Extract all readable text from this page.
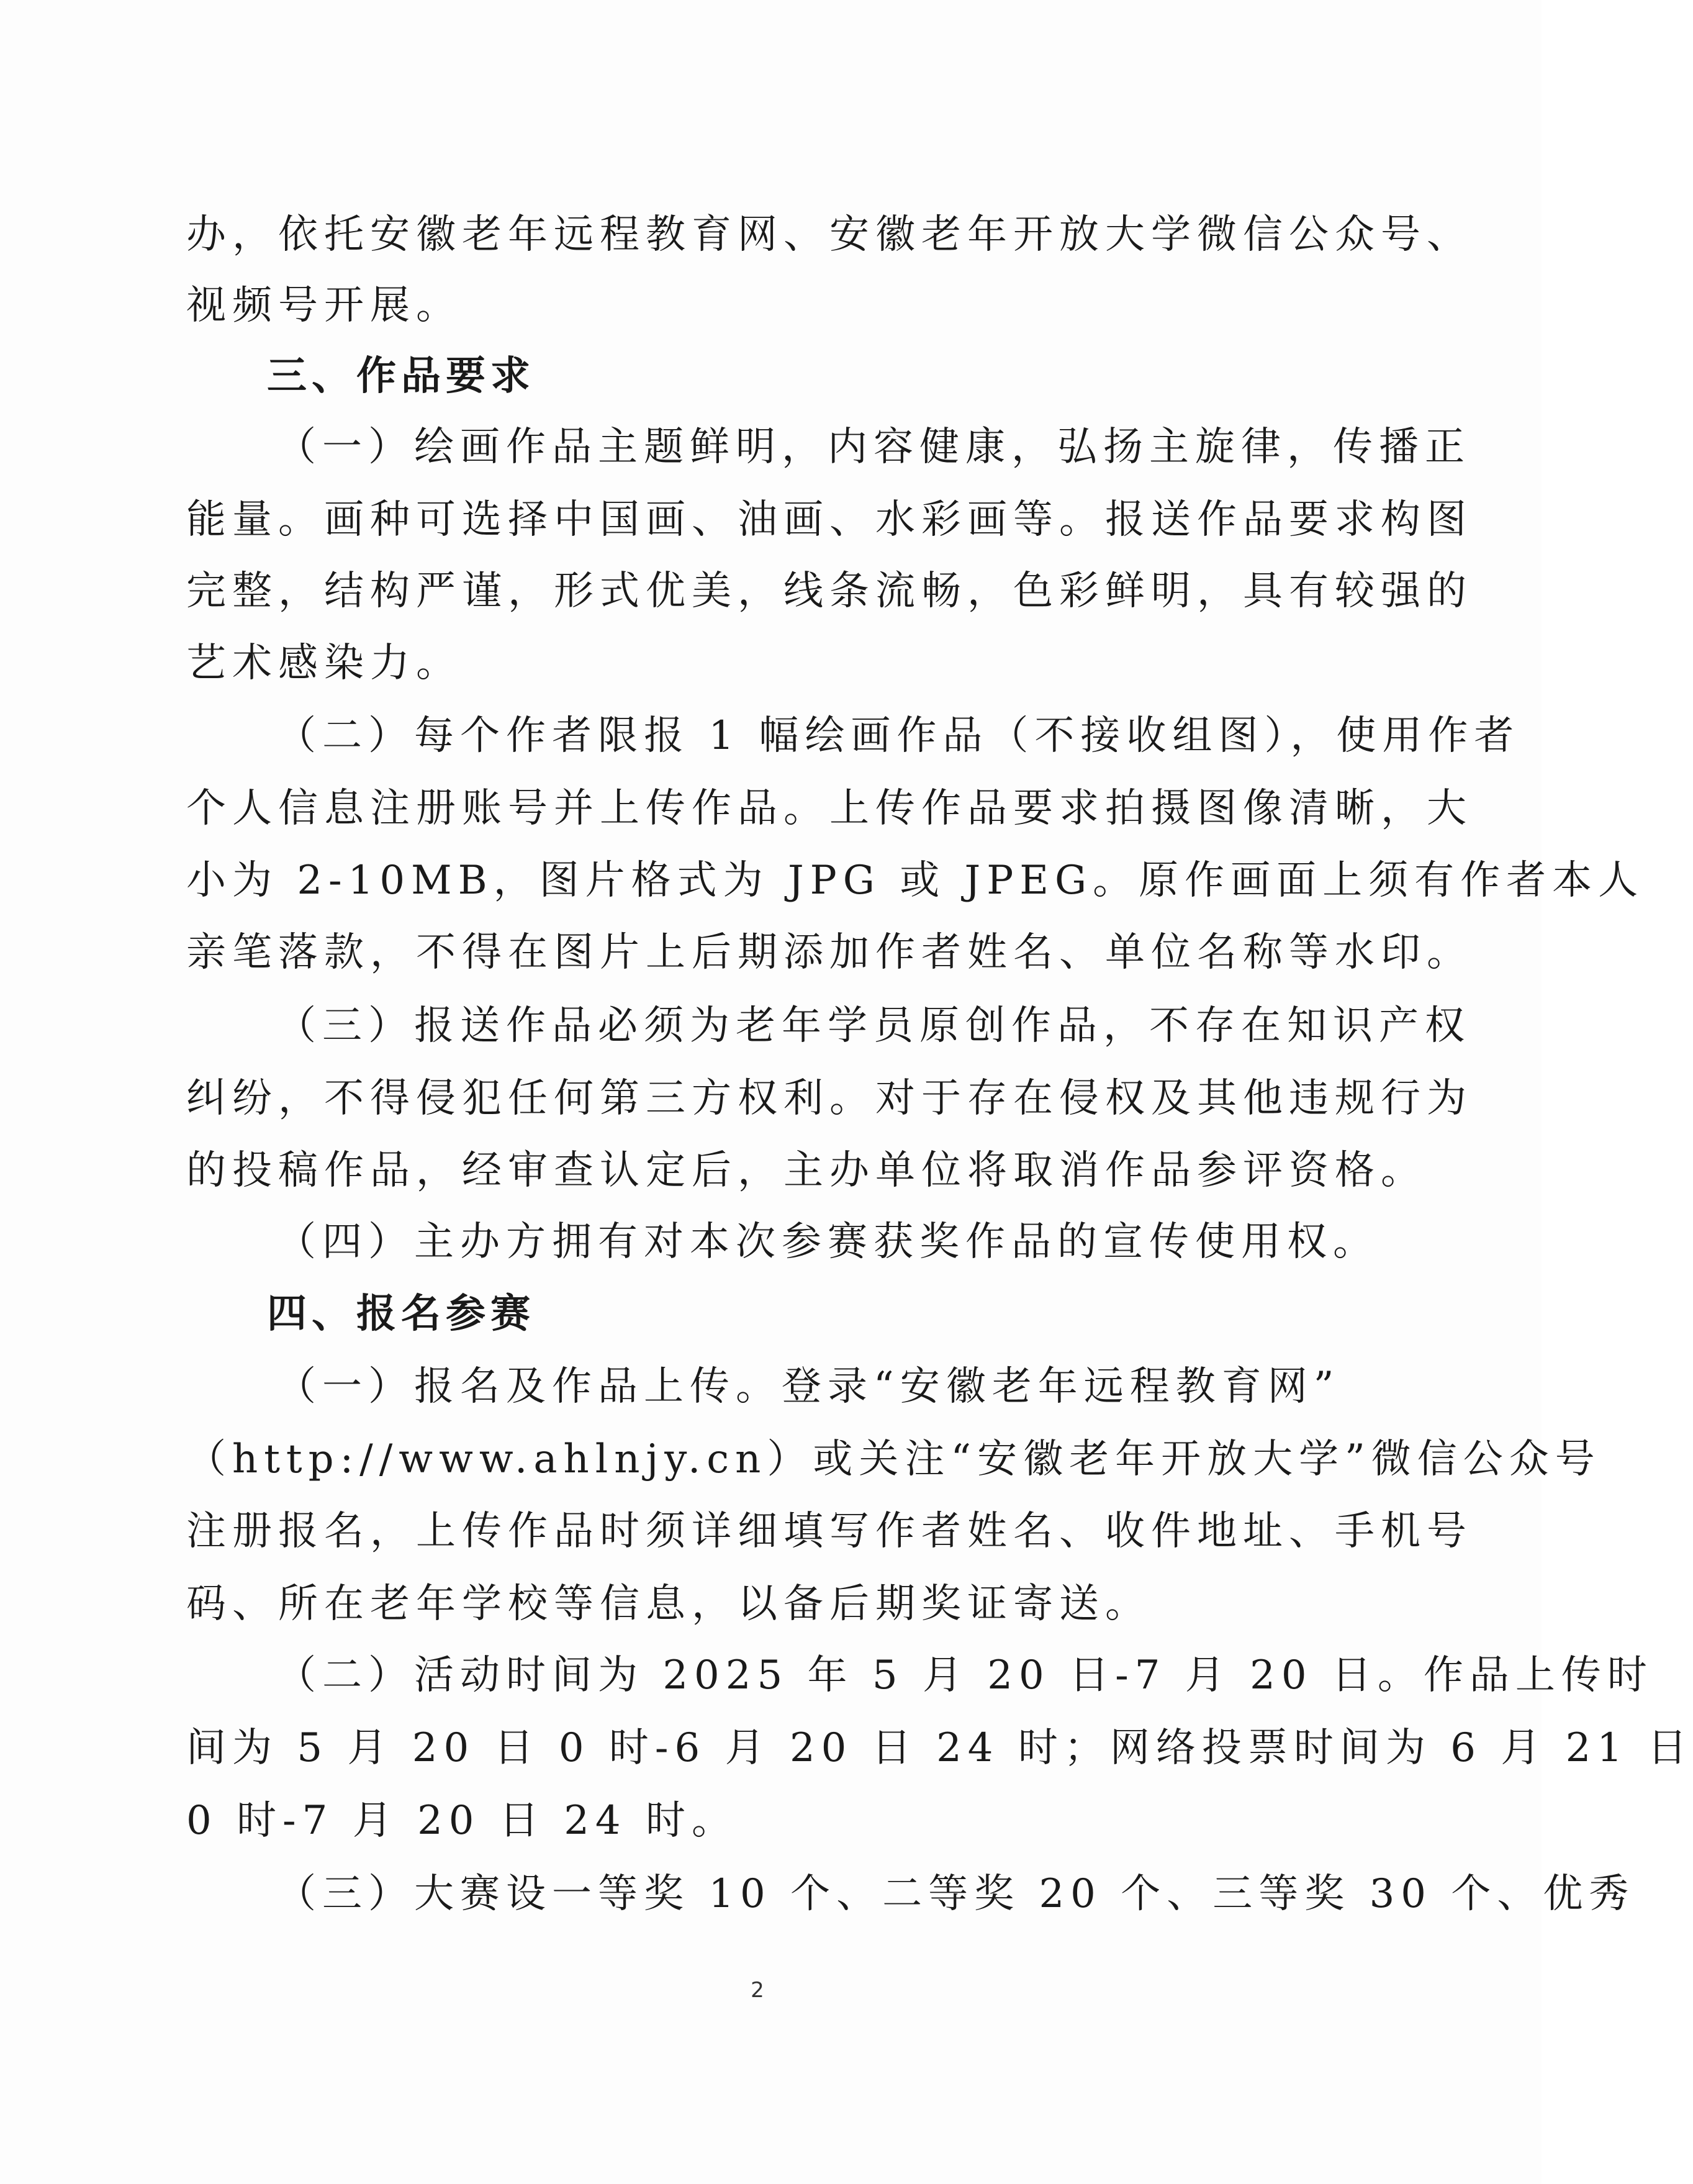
办，依托安徽老年远程教育网、安徽老年开放大学微信公众号、
视频号开展。
三、作品要求
（一）绘画作品主题鲜明，内容健康，弘扬主旋律，传播正
能量。画种可选择中国画、油画、水彩画等。报送作品要求构图
完整，结构严谨，形式优美，线条流畅，色彩鲜明，具有较强的
艺术感染力。
（二）每个作者限报 1 幅绘画作品（不接收组图），使用作者
个人信息注册账号并上传作品。上传作品要求拍摄图像清晰，大
小为 2-10MB，图片格式为 JPG 或 JPEG。原作画面上须有作者本人
亲笔落款，不得在图片上后期添加作者姓名、单位名称等水印。
（三）报送作品必须为老年学员原创作品，不存在知识产权
纠纷，不得侵犯任何第三方权利。对于存在侵权及其他违规行为
的投稿作品，经审查认定后，主办单位将取消作品参评资格。
（四）主办方拥有对本次参赛获奖作品的宣传使用权。
四、报名参赛
（一）报名及作品上传。登录“安徽老年远程教育网”
（http://www.ahlnjy.cn）或关注“安徽老年开放大学”微信公众号
注册报名，上传作品时须详细填写作者姓名、收件地址、手机号
码、所在老年学校等信息，以备后期奖证寄送。
（二）活动时间为 2025 年 5 月 20 日-7 月 20 日。作品上传时
间为 5 月 20 日 0 时-6 月 20 日 24 时；网络投票时间为 6 月 21 日
0 时-7 月 20 日 24 时。
（三）大赛设一等奖 10 个、二等奖 20 个、三等奖 30 个、优秀
2
